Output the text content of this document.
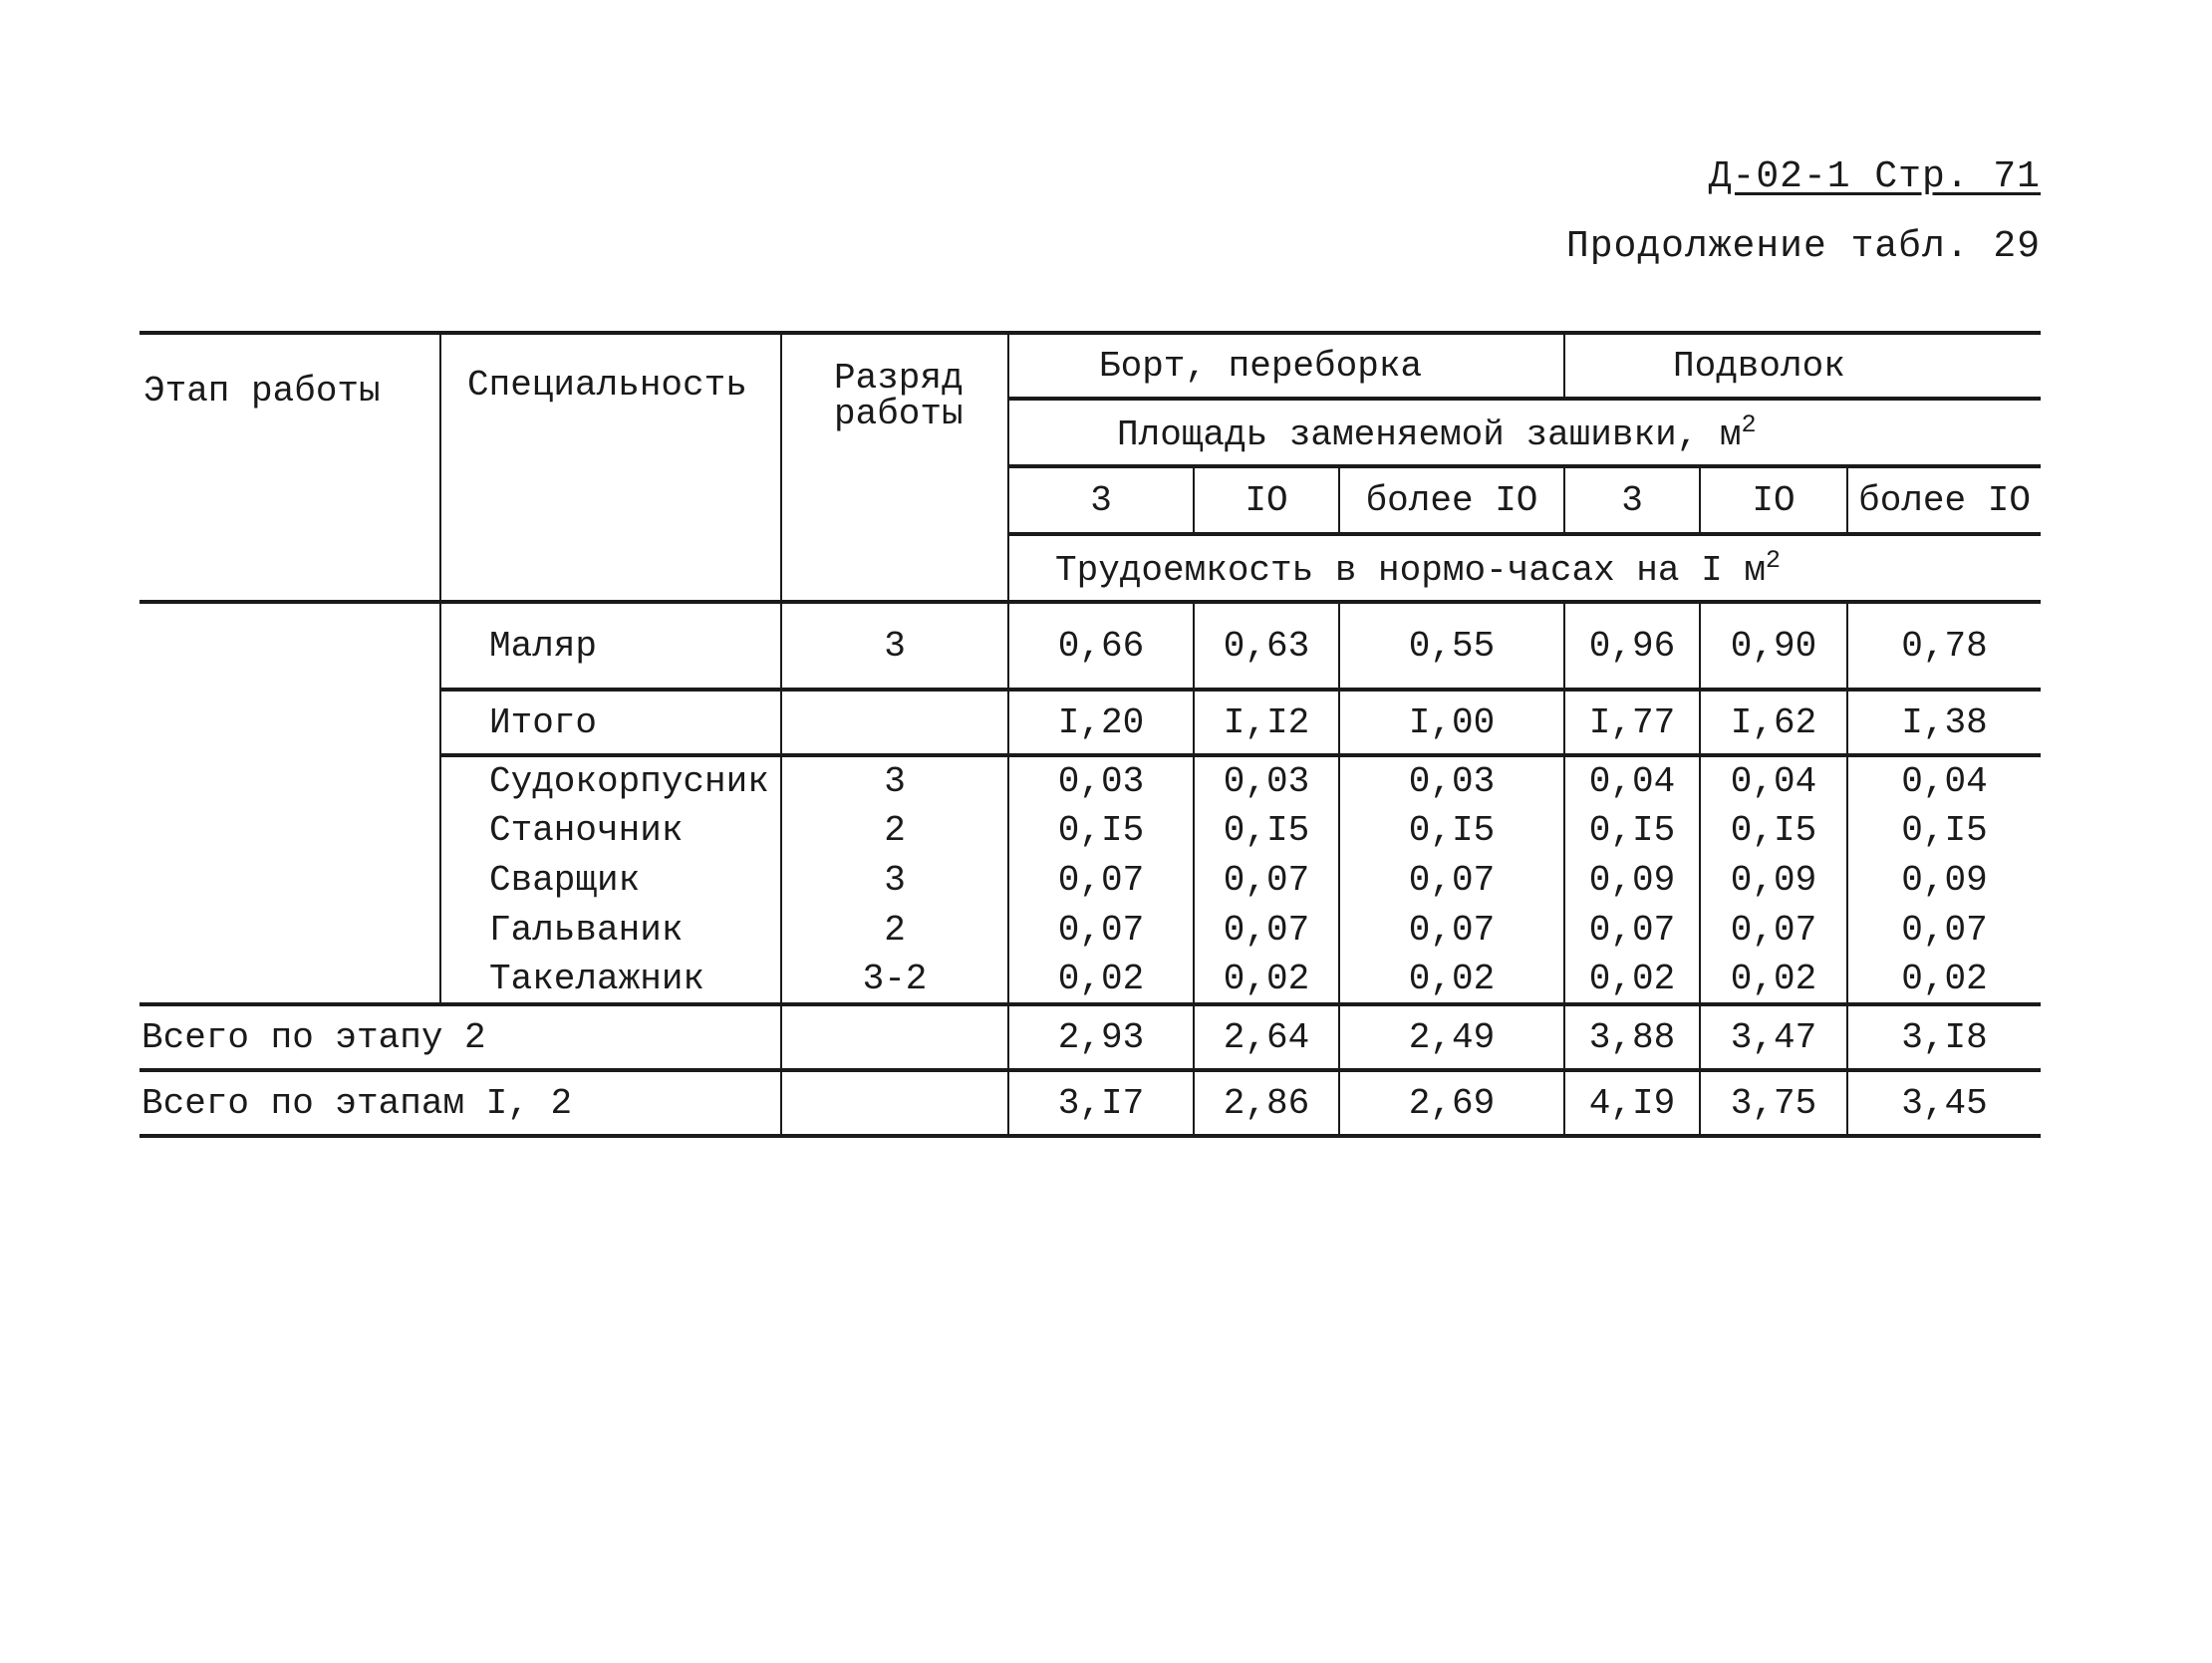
Д-02-1 Стр. 71
Продолжение табл. 29
Этап работы	Специальность	Разряд работы	Борт, переборка			Подволок		
			Площадь заменяемой зашивки, $м^2$
			3	IO	более IO	3	IO	более IO
			Трудоемкость в нормо-часах на I $м^2$
	Маляр	3	0,66	0,63	0,55	0,96	0,90	0,78
	Итого		I,20	I,I2	I,00	I,77	I,62	I,38
	Судокорпусник	3	0,03	0,03	0,03	0,04	0,04	0,04
	Станочник	2	0,I5	0,I5	0,I5	0,I5	0,I5	0,I5
	Сварщик	3	0,07	0,07	0,07	0,09	0,09	0,09
	Гальваник	2	0,07	0,07	0,07	0,07	0,07	0,07
	Такелажник	3-2	0,02	0,02	0,02	0,02	0,02	0,02
Всего по этапу 2			2,93	2,64	2,49	3,88	3,47	3,I8
Всего по этапам I, 2			3,I7	2,86	2,69	4,I9	3,75	3,45
